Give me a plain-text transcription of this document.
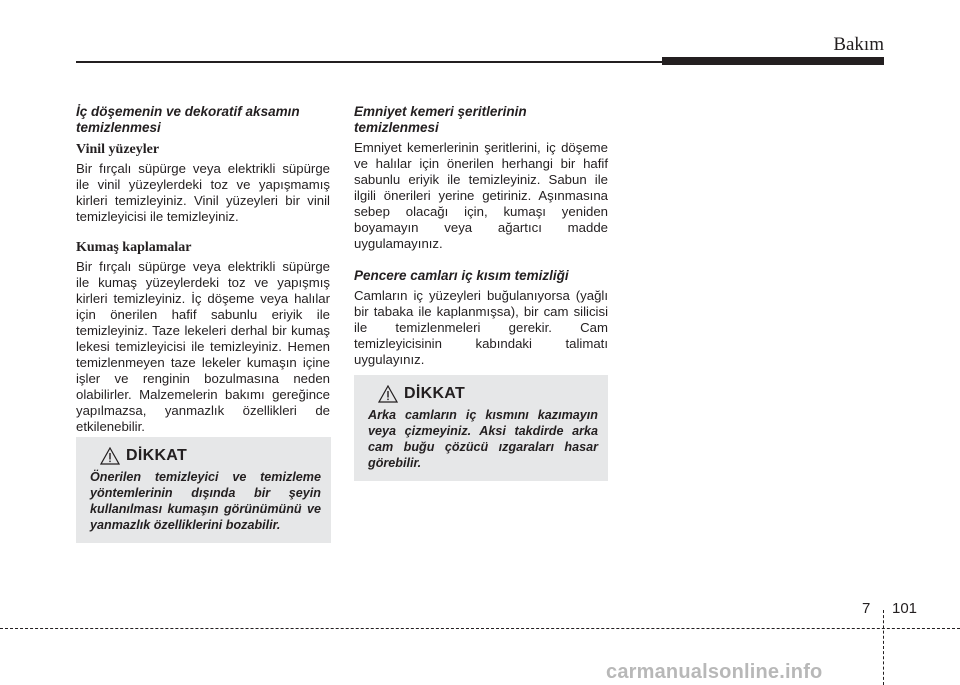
Bakım

İç döşemenin ve dekoratif aksamın temizlenmesi

Vinil yüzeyler

Bir fırçalı süpürge veya elektrikli süpürge ile vinil yüzeylerdeki toz ve yapışmamış kirleri temizleyiniz. Vinil yüzeyleri bir vinil temizleyicisi ile temizleyiniz.

Kumaş kaplamalar

Bir fırçalı süpürge veya elektrikli süpürge ile kumaş yüzeylerdeki toz ve yapışmış kirleri temizleyiniz. İç döşeme veya halılar için önerilen hafif sabunlu eriyik ile temizleyiniz. Taze lekeleri derhal bir kumaş lekesi temizleyicisi ile temizleyiniz. Hemen temizlenmeyen taze lekeler kumaşın içine işler ve renginin bozulmasına neden olabilirler. Malzemelerin bakımı gereğince yapılmazsa, yanmazlık özellikleri de etkilenebilir.

DİKKAT

Önerilen temizleyici ve temizleme yöntemlerinin dışında bir şeyin kullanılması kumaşın görünümünü ve yanmazlık özelliklerini bozabilir.

Emniyet kemeri şeritlerinin temizlenmesi

Emniyet kemerlerinin şeritlerini, iç döşeme ve halılar için önerilen herhangi bir hafif sabunlu eriyik ile temizleyiniz. Sabun ile ilgili önerileri yerine getiriniz. Aşınmasına sebep olacağı için, kumaşı yeniden boyamayın veya ağartıcı madde uygulamayınız.

Pencere camları iç kısım temizliği

Camların iç yüzeyleri buğulanıyorsa (yağlı bir tabaka ile kaplanmışsa), bir cam silicisi ile temizlenmeleri gerekir. Cam temizleyicisinin kabındaki talimatı uygulayınız.

DİKKAT

Arka camların iç kısmını kazımayın veya çizmeyiniz. Aksi takdirde arka cam buğu çözücü ızgaraları hasar görebilir.

7 101
carmanualsonline.info
